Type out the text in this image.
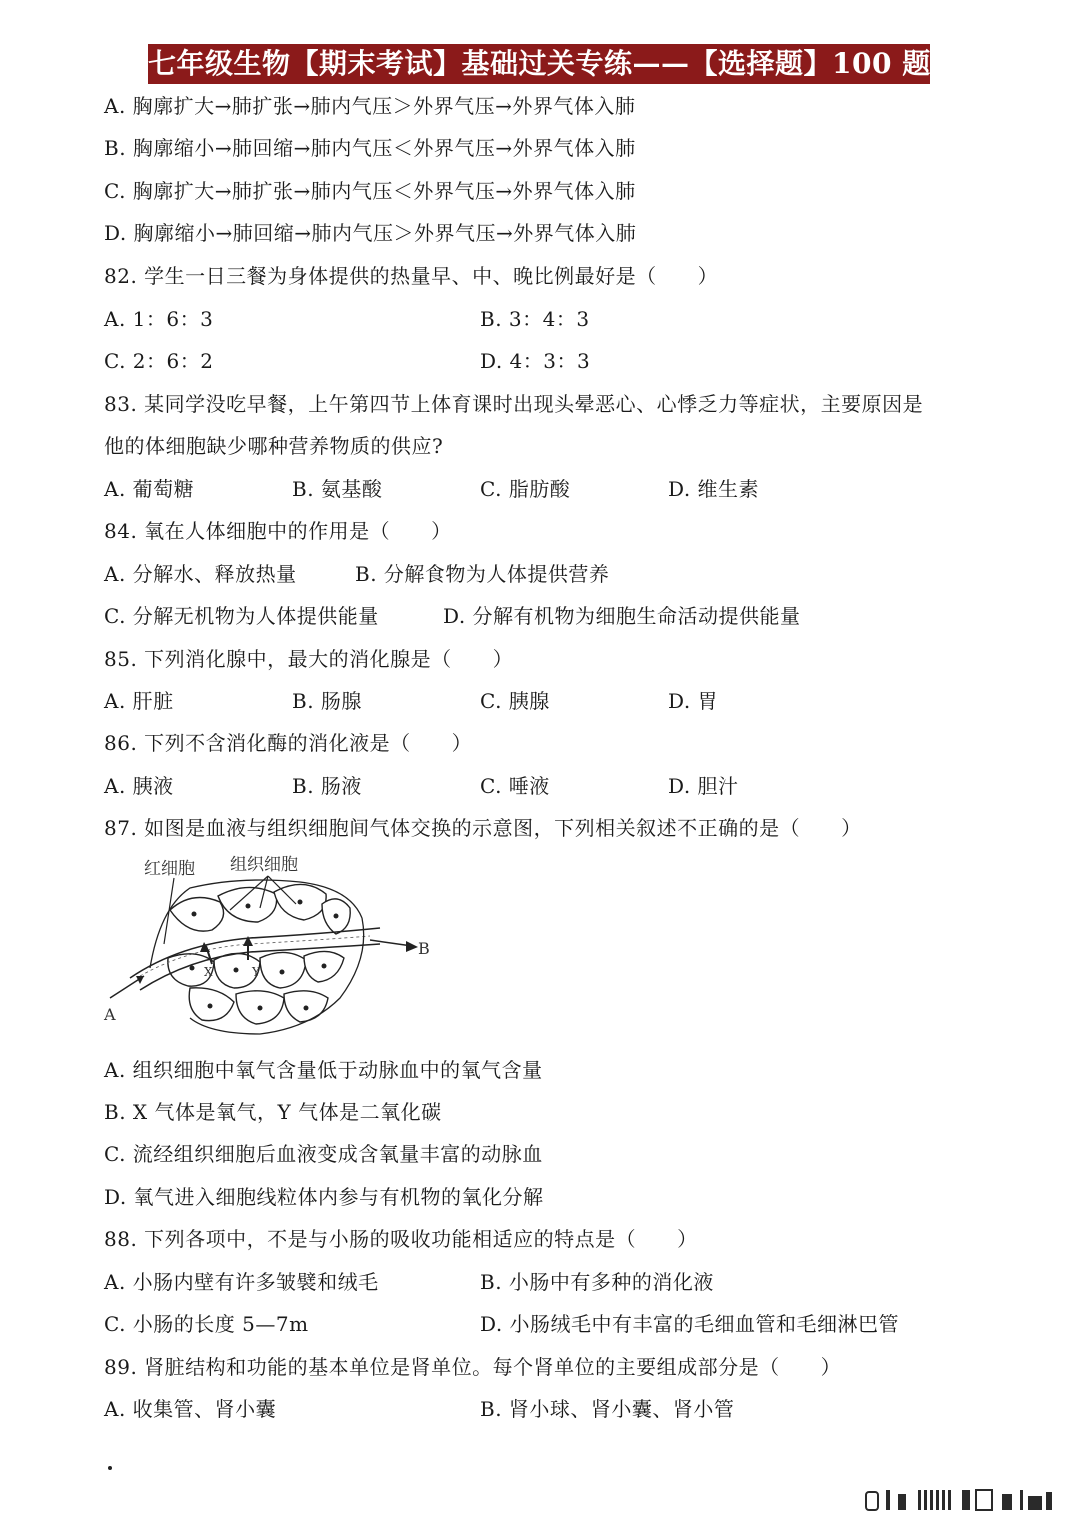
七年级生物【期末考试】基础过关专练——【选择题】100 题
A. 胸廓扩大→肺扩张→肺内气压＞外界气压→外界气体入肺
B. 胸廓缩小→肺回缩→肺内气压＜外界气压→外界气体入肺
C. 胸廓扩大→肺扩张→肺内气压＜外界气压→外界气体入肺
D. 胸廓缩小→肺回缩→肺内气压＞外界气压→外界气体入肺
82. 学生一日三餐为身体提供的热量早、中、晚比例最好是（　　）
A. 1：6：3	B. 3：4：3
C. 2：6：2	D. 4：3：3
83. 某同学没吃早餐，上午第四节上体育课时出现头晕恶心、心悸乏力等症状，主要原因是
他的体细胞缺少哪种营养物质的供应?
A. 葡萄糖	B. 氨基酸	C. 脂肪酸	D. 维生素
84. 氧在人体细胞中的作用是（　　）
A. 分解水、释放热量	B. 分解食物为人体提供营养
C. 分解无机物为人体提供能量	D. 分解有机物为细胞生命活动提供能量
85. 下列消化腺中，最大的消化腺是（　　）
A. 肝脏	B. 肠腺	C. 胰腺	D. 胃
86. 下列不含消化酶的消化液是（　　）
A. 胰液	B. 肠液	C. 唾液	D. 胆汁
87. 如图是血液与组织细胞间气体交换的示意图，下列相关叙述不正确的是（　　）
红细胞 组织细胞
A
B
X	Y
A. 组织细胞中氧气含量低于动脉血中的氧气含量
B. X 气体是氧气，Y 气体是二氧化碳
C. 流经组织细胞后血液变成含氧量丰富的动脉血
D. 氧气进入细胞线粒体内参与有机物的氧化分解
88. 下列各项中，不是与小肠的吸收功能相适应的特点是（　　）
A. 小肠内壁有许多皱襞和绒毛	B. 小肠中有多种的消化液
C. 小肠的长度 5—7m	D. 小肠绒毛中有丰富的毛细血管和毛细淋巴管
89. 肾脏结构和功能的基本单位是肾单位。每个肾单位的主要组成部分是（　　）
A. 收集管、肾小囊	B. 肾小球、肾小囊、肾小管
